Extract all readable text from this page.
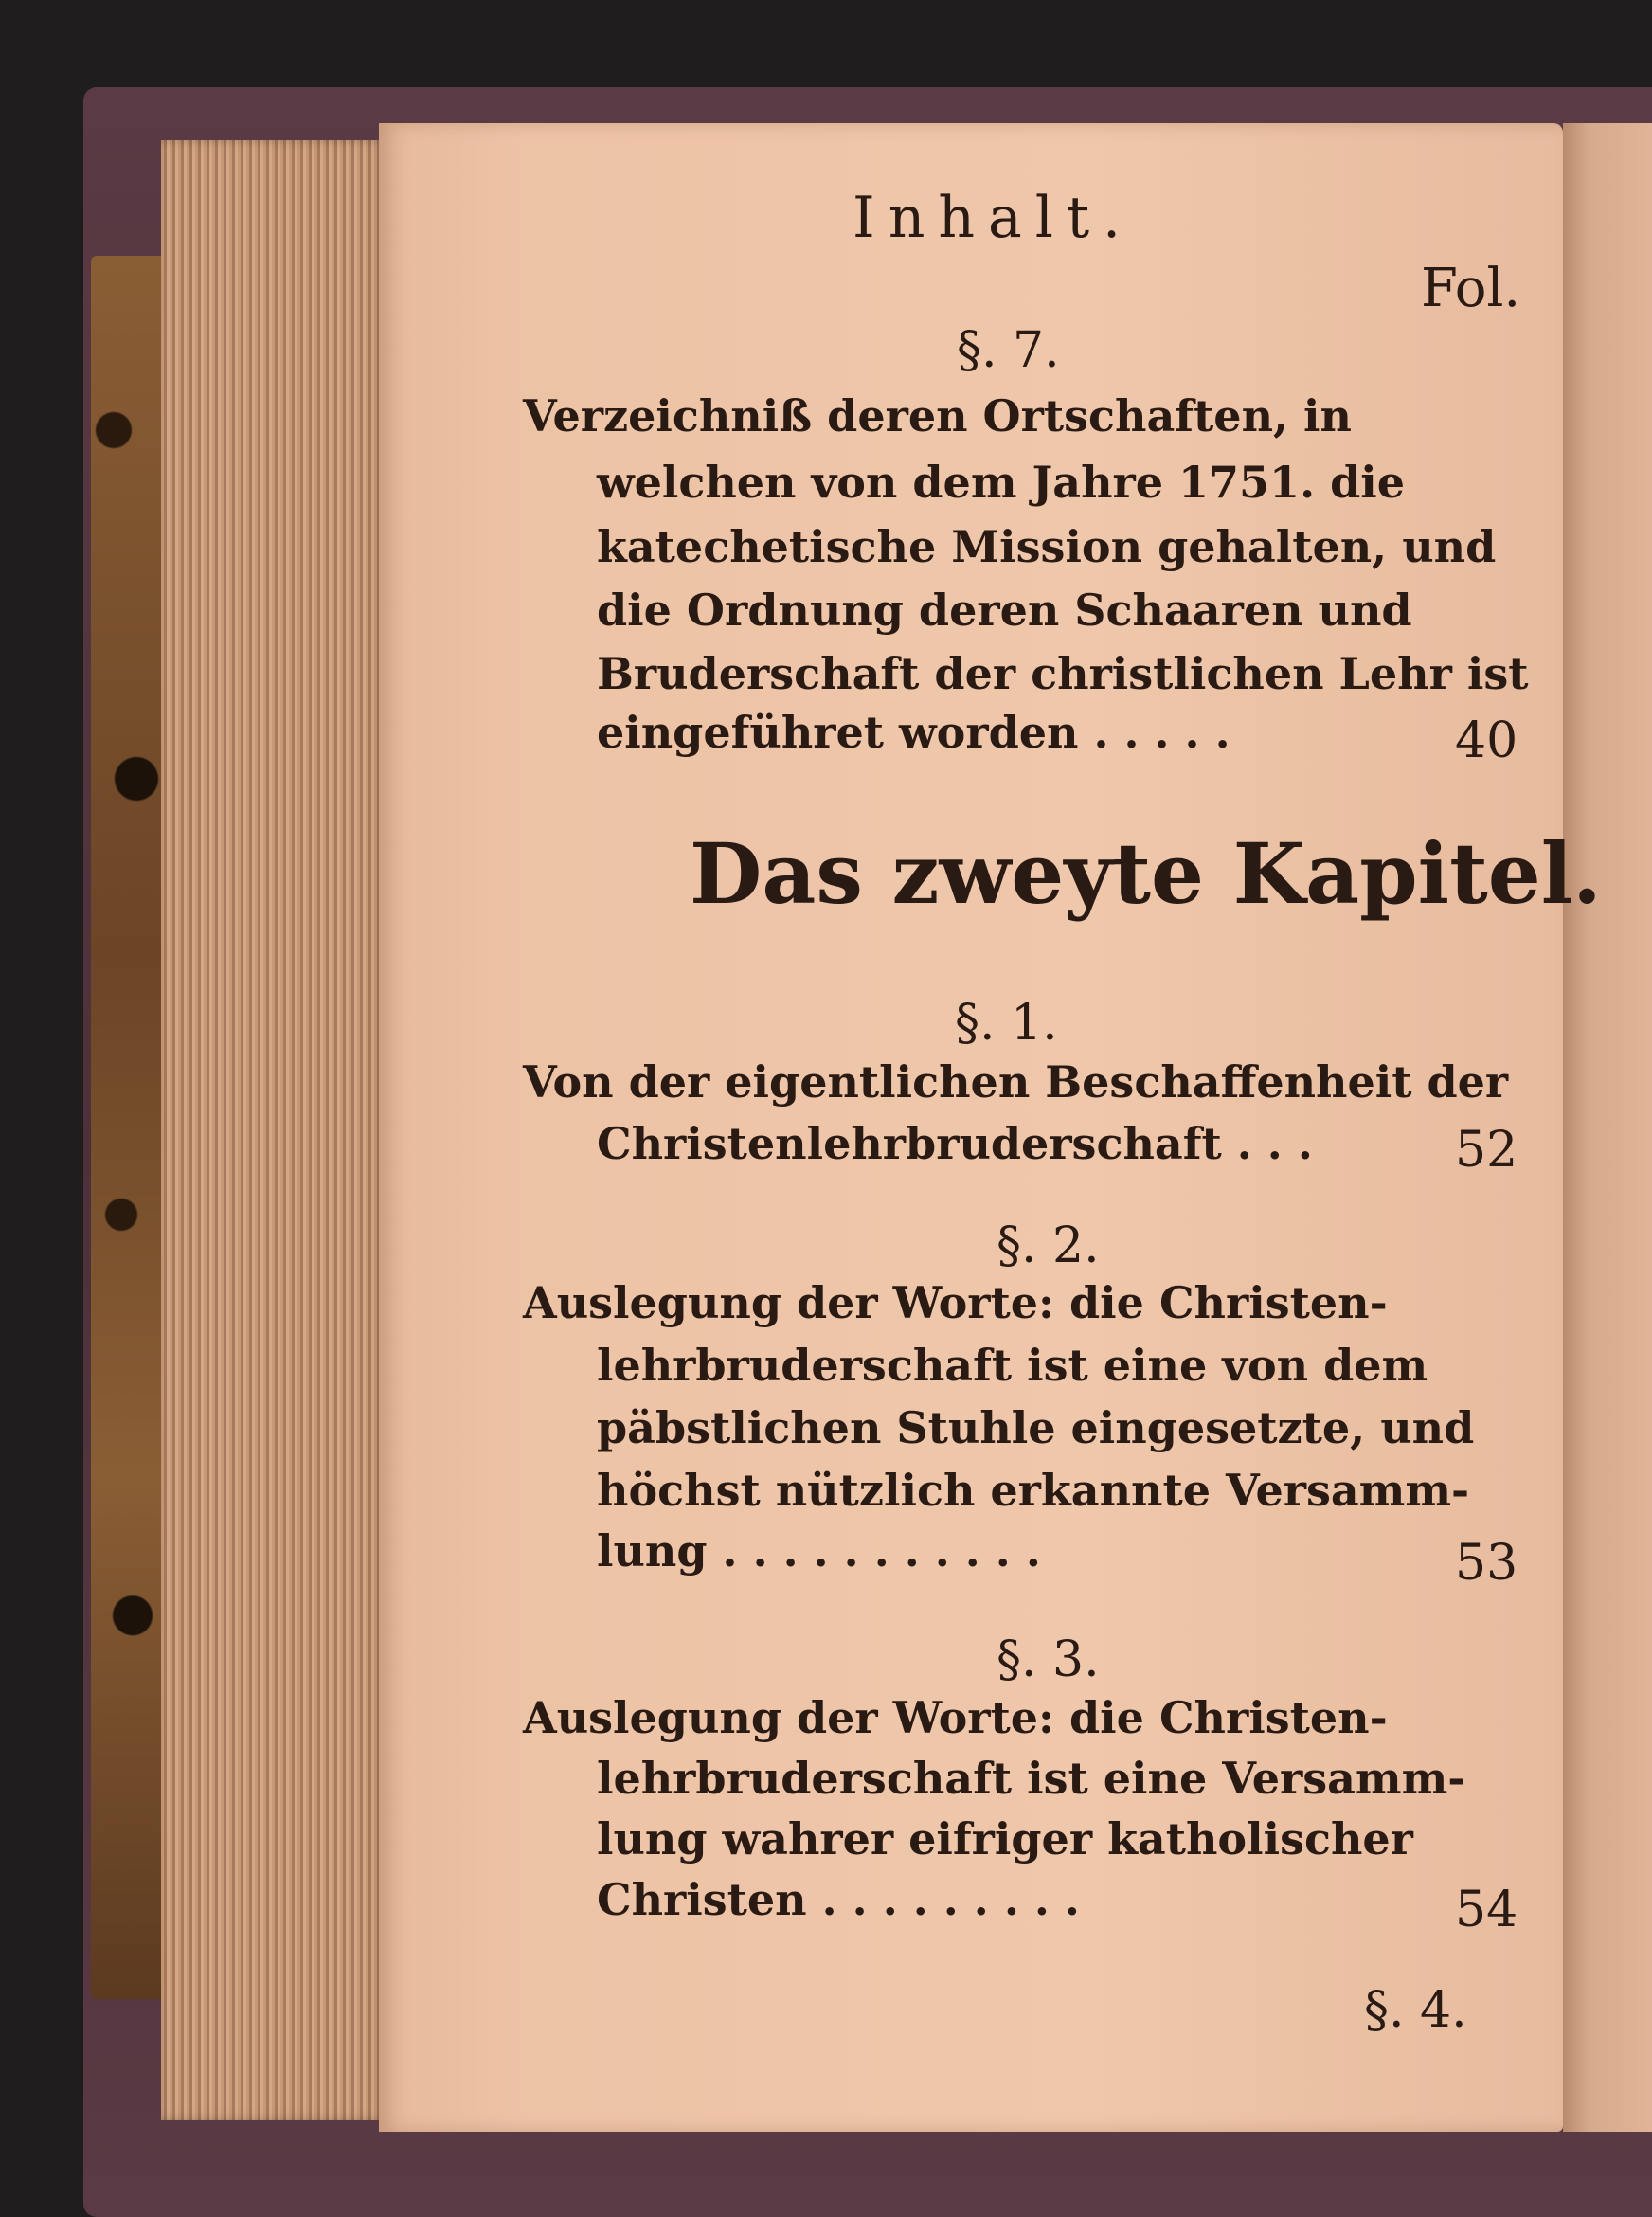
Inhalt.
Fol.
§. 7.
Verzeichniß deren Ortschaften, in
welchen von dem Jahre 1751. die
katechetische Mission gehalten, und
die Ordnung deren Schaaren und
Bruderschaft der christlichen Lehr ist
eingeführet worden . . . . .	40
Das zweyte Kapitel.
§. 1.
Von der eigentlichen Beschaffenheit der
Christenlehrbruderschaft . . .	52
§. 2.
Auslegung der Worte: die Christen-
lehrbruderschaft ist eine von dem
päbstlichen Stuhle eingesetzte, und
höchst nützlich erkannte Versamm-
lung . . . . . . . . . . .	53
§. 3.
Auslegung der Worte: die Christen-
lehrbruderschaft ist eine Versamm-
lung wahrer eifriger katholischer
Christen . . . . . . . . .	54
§. 4.
